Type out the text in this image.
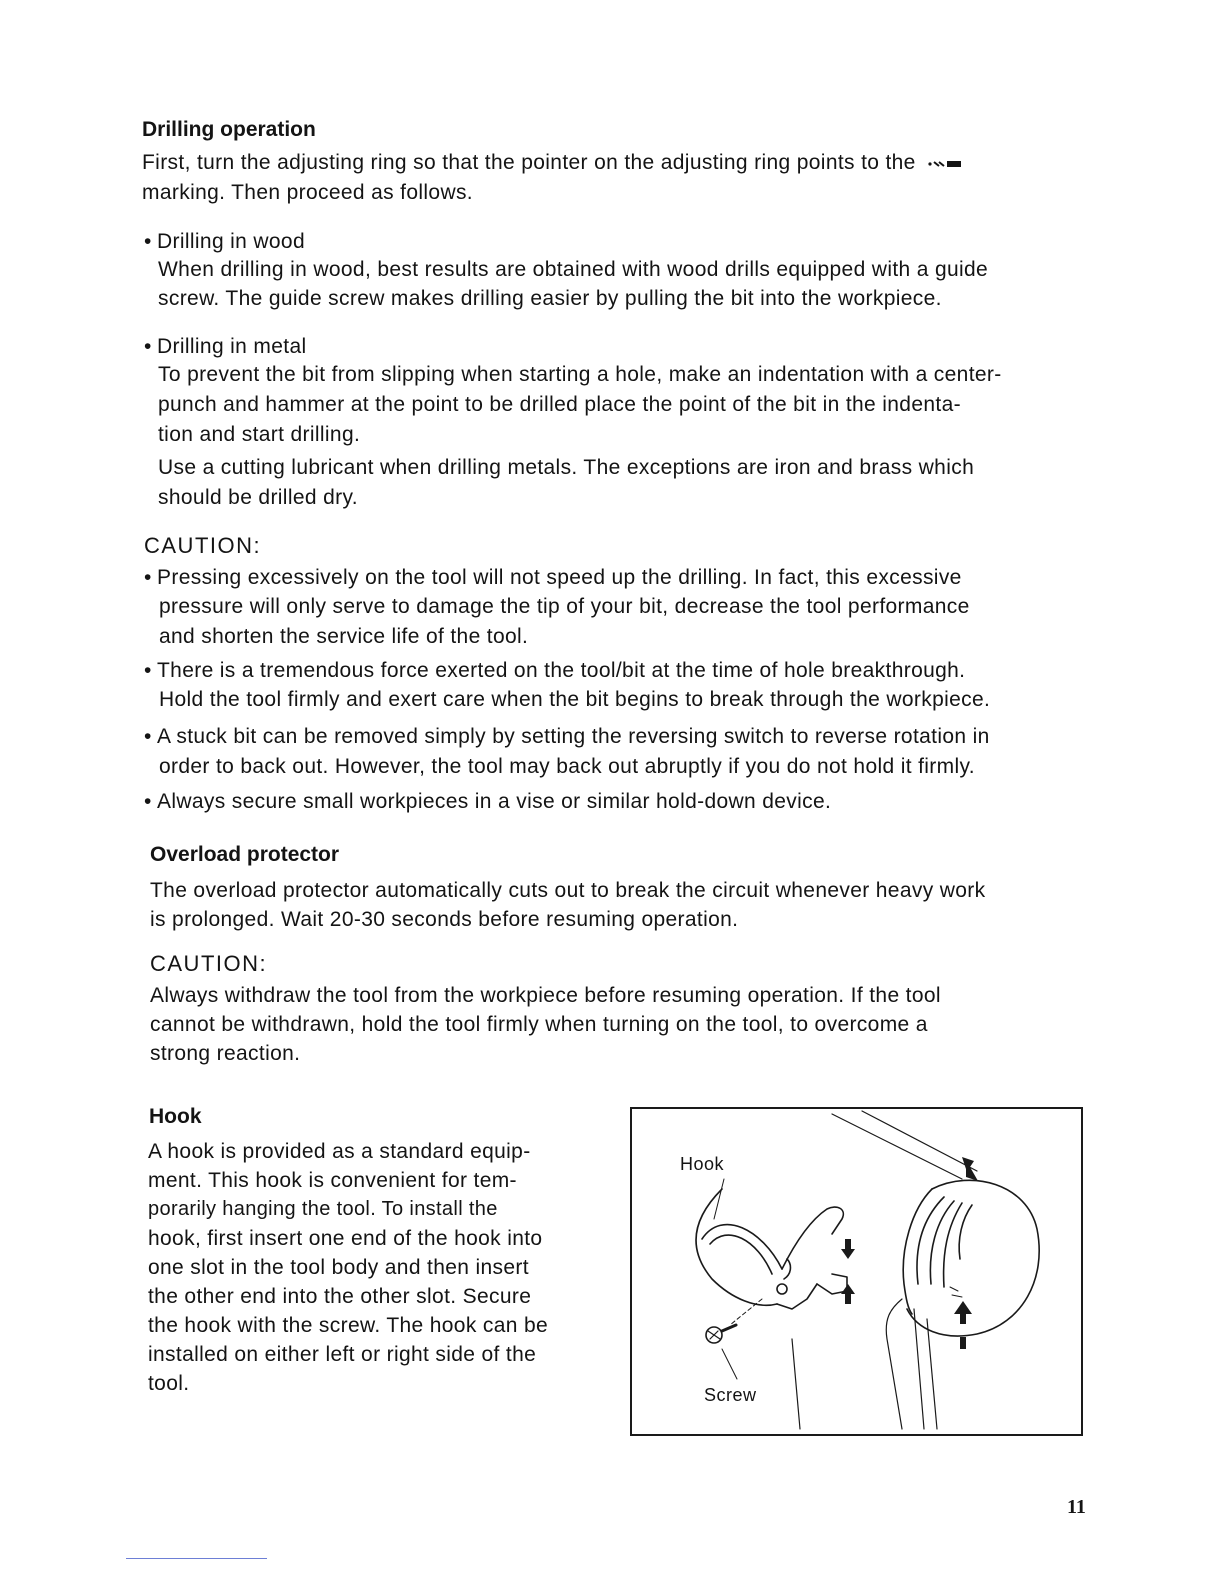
Drilling operation
First, turn the adjusting ring so that the pointer on the adjusting ring points to the
marking. Then proceed as follows.
• Drilling in wood
When drilling in wood, best results are obtained with wood drills equipped with a guide
screw. The guide screw makes drilling easier by pulling the bit into the workpiece.
• Drilling in metal
To prevent the bit from slipping when starting a hole, make an indentation with a center-
punch and hammer at the point to be drilled place the point of the bit in the indenta-
tion and start drilling.
Use a cutting lubricant when drilling metals. The exceptions are iron and brass which
should be drilled dry.
CAUTION:
• Pressing excessively on the tool will not speed up the drilling. In fact, this excessive
pressure will only serve to damage the tip of your bit, decrease the tool performance
and shorten the service life of the tool.
• There is a tremendous force exerted on the tool/bit at the time of hole breakthrough.
Hold the tool firmly and exert care when the bit begins to break through the workpiece.
• A stuck bit can be removed simply by setting the reversing switch to reverse rotation in
order to back out. However, the tool may back out abruptly if you do not hold it firmly.
• Always secure small workpieces in a vise or similar hold-down device.
Overload protector
The overload protector automatically cuts out to break the circuit whenever heavy work
is prolonged. Wait 20-30 seconds before resuming operation.
CAUTION:
Always withdraw the tool from the workpiece before resuming operation. If the tool
cannot be withdrawn, hold the tool firmly when turning on the tool, to overcome a
strong reaction.
Hook
A hook is provided as a standard equip-
ment. This hook is convenient for tem-
porarily hanging the tool. To install the
hook, first insert one end of the hook into
one slot in the tool body and then insert
the other end into the other slot. Secure
the hook with the screw. The hook can be
installed on either left or right side of the
tool.
Hook
Screw
11
